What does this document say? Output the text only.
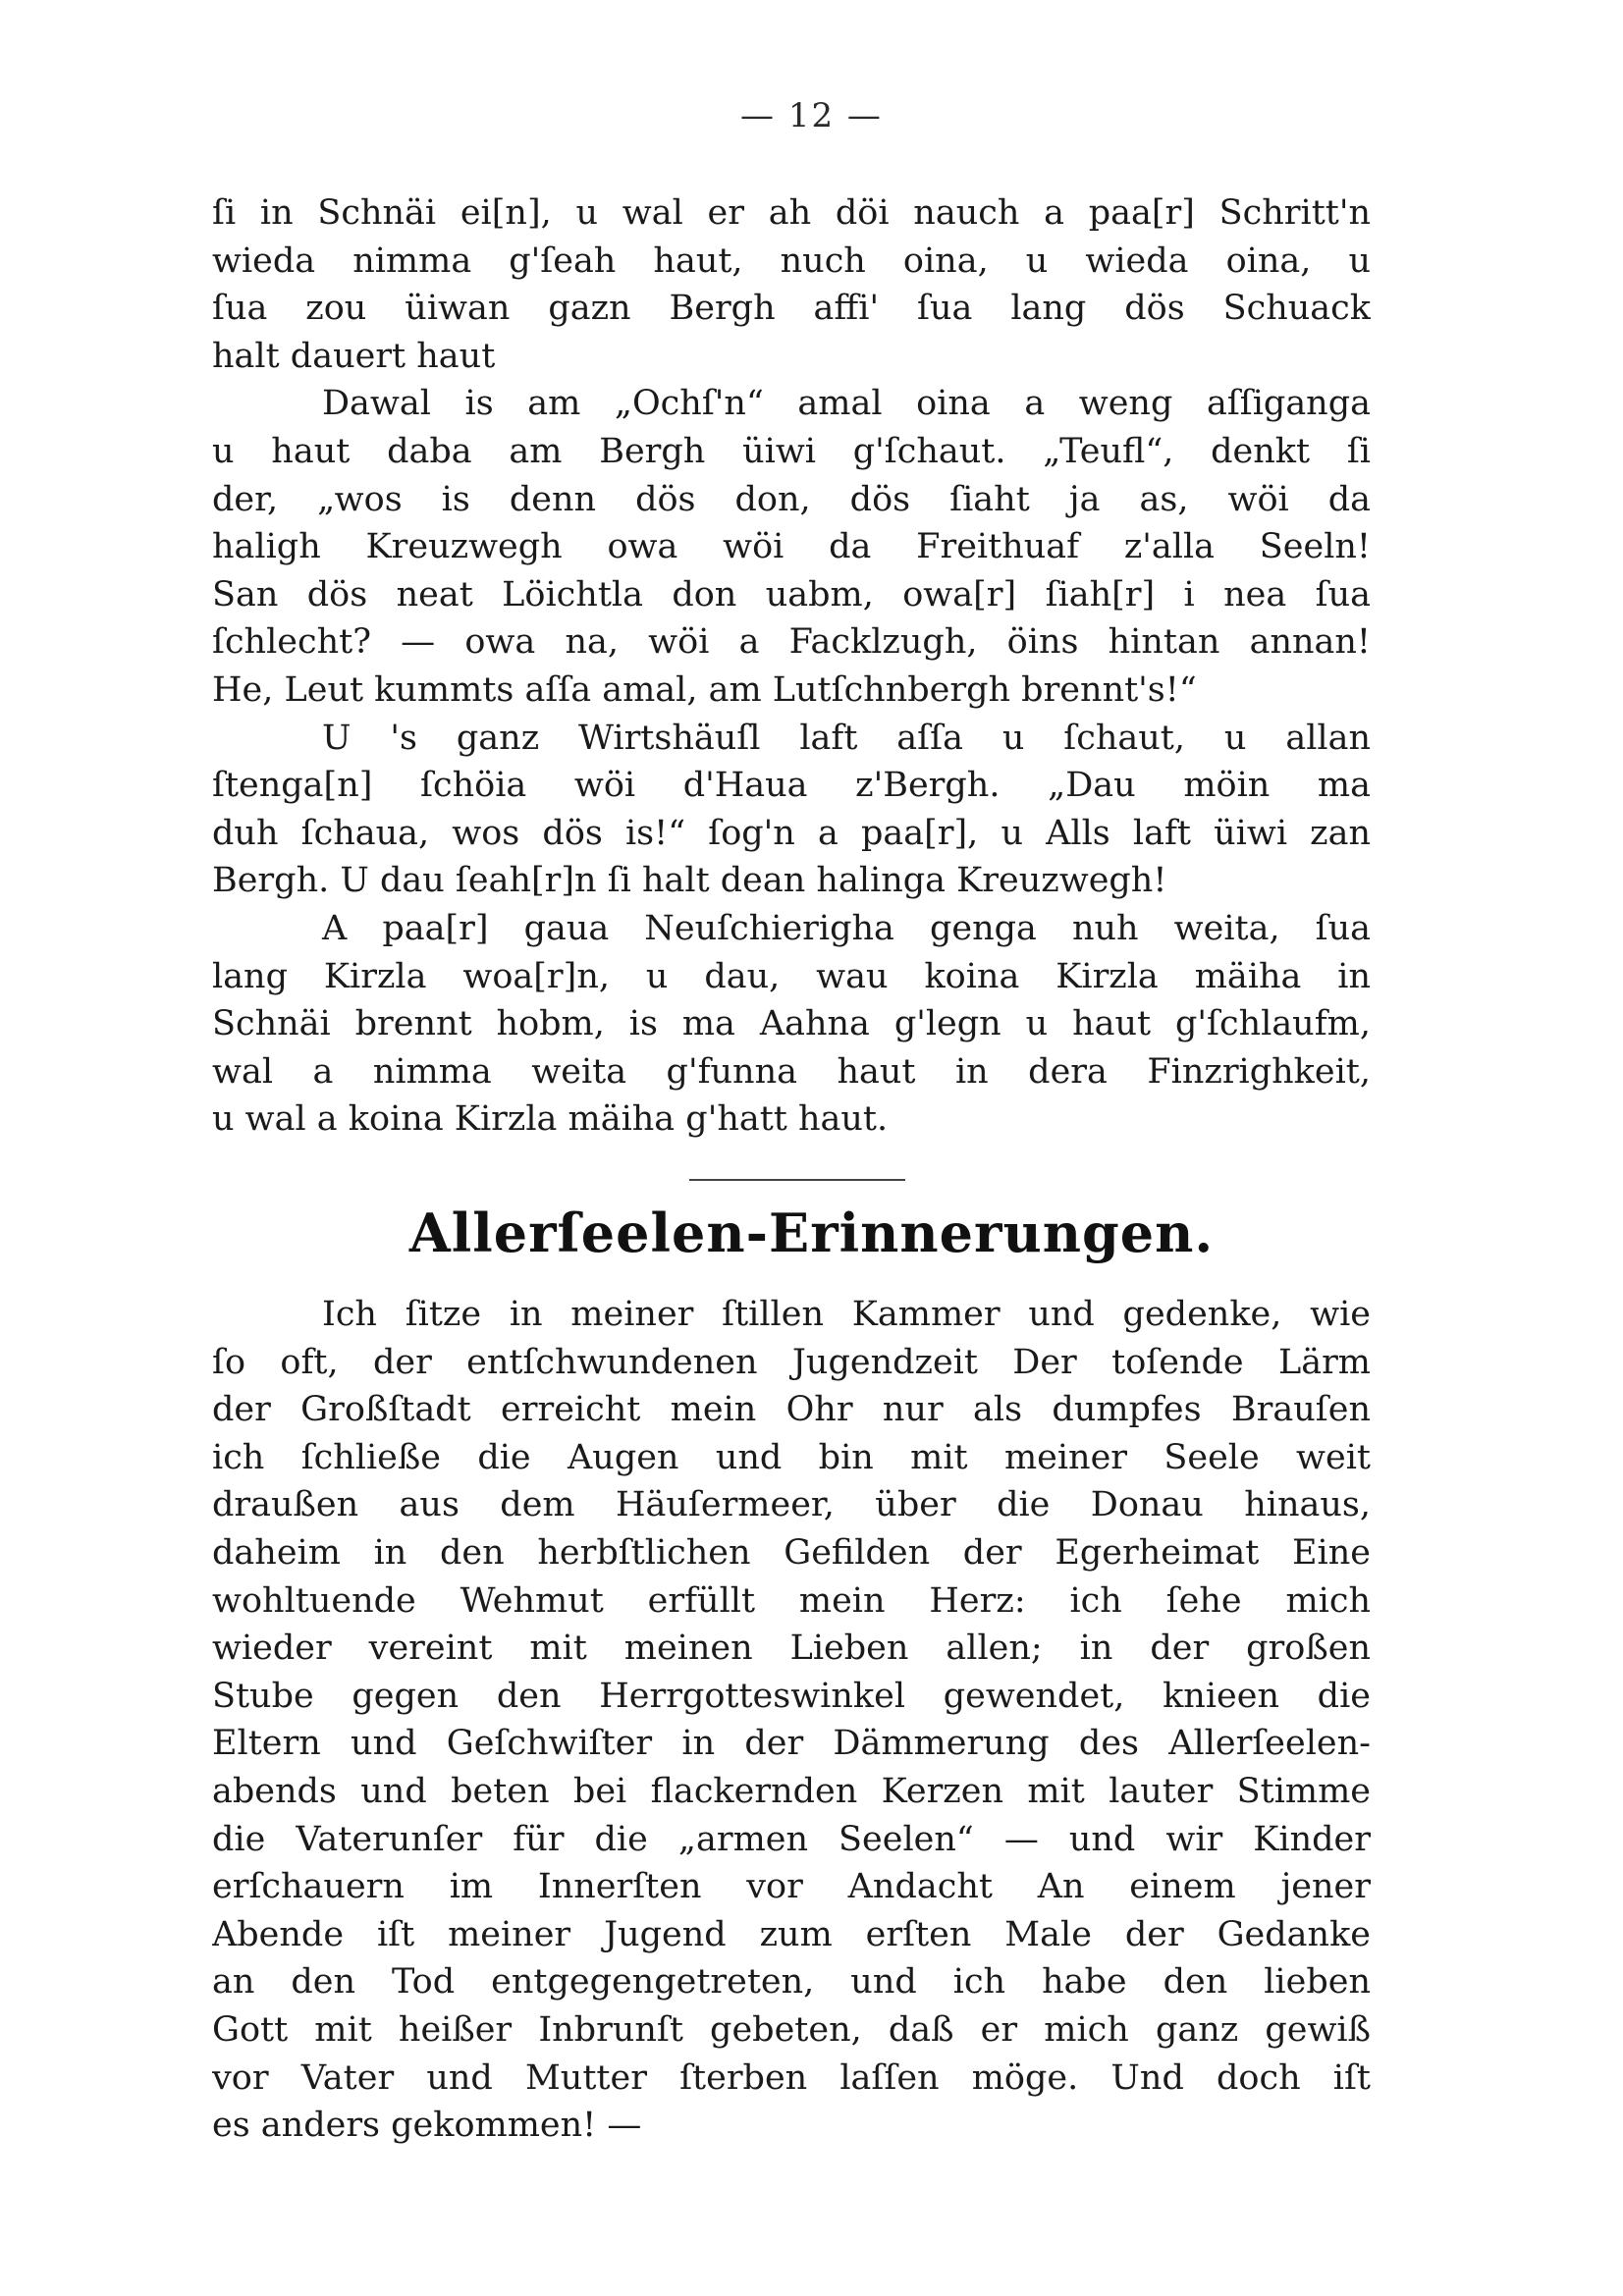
— 12 —

ſi in Schnäi ei[n], u wal er ah döi nauch a paa[r] Schritt'n

wieda nimma g'ſeah haut, nuch oina, u wieda oina, u

ſua zou üiwan gazn Bergh affi' ſua lang dös Schuack

halt dauert haut

Dawal is am „Ochſ'n“ amal oina a weng aſſiganga

u haut daba am Bergh üiwi g'ſchaut. „Teufl“, denkt ſi

der, „wos is denn dös don, dös ſiaht ja as, wöi da

haligh Kreuzwegh owa wöi da Freithuaf z'alla Seeln!

San dös neat Löichtla don uabm, owa[r] ſiah[r] i nea ſua

ſchlecht? — owa na, wöi a Facklzugh, öins hintan annan!

He, Leut kummts aſſa amal, am Lutſchnbergh brennt's!“

U 's ganz Wirtshäuſl laft aſſa u ſchaut, u allan

ſtenga[n] ſchöia wöi d'Haua z'Bergh. „Dau möin ma

duh ſchaua, wos dös is!“ ſog'n a paa[r], u Alls laft üiwi zan

Bergh. U dau ſeah[r]n ſi halt dean halinga Kreuzwegh!

A paa[r] gaua Neuſchierigha genga nuh weita, ſua

lang Kirzla woa[r]n, u dau, wau koina Kirzla mäiha in

Schnäi brennt hobm, is ma Aahna g'legn u haut g'ſchlaufm,

wal a nimma weita g'funna haut in dera Finzrighkeit,

u wal a koina Kirzla mäiha g'hatt haut.

Allerſeelen-Erinnerungen.

Ich ſitze in meiner ſtillen Kammer und gedenke, wie

ſo oft, der entſchwundenen Jugendzeit Der toſende Lärm

der Großſtadt erreicht mein Ohr nur als dumpfes Brauſen

ich ſchließe die Augen und bin mit meiner Seele weit

draußen aus dem Häuſermeer, über die Donau hinaus,

daheim in den herbſtlichen Gefilden der Egerheimat Eine

wohltuende Wehmut erfüllt mein Herz: ich ſehe mich

wieder vereint mit meinen Lieben allen; in der großen

Stube gegen den Herrgotteswinkel gewendet, knieen die

Eltern und Geſchwiſter in der Dämmerung des Allerſeelen-

abends und beten bei flackernden Kerzen mit lauter Stimme

die Vaterunſer für die „armen Seelen“ — und wir Kinder

erſchauern im Innerſten vor Andacht An einem jener

Abende iſt meiner Jugend zum erſten Male der Gedanke

an den Tod entgegengetreten, und ich habe den lieben

Gott mit heißer Inbrunſt gebeten, daß er mich ganz gewiß

vor Vater und Mutter ſterben laſſen möge. Und doch iſt

es anders gekommen! —
